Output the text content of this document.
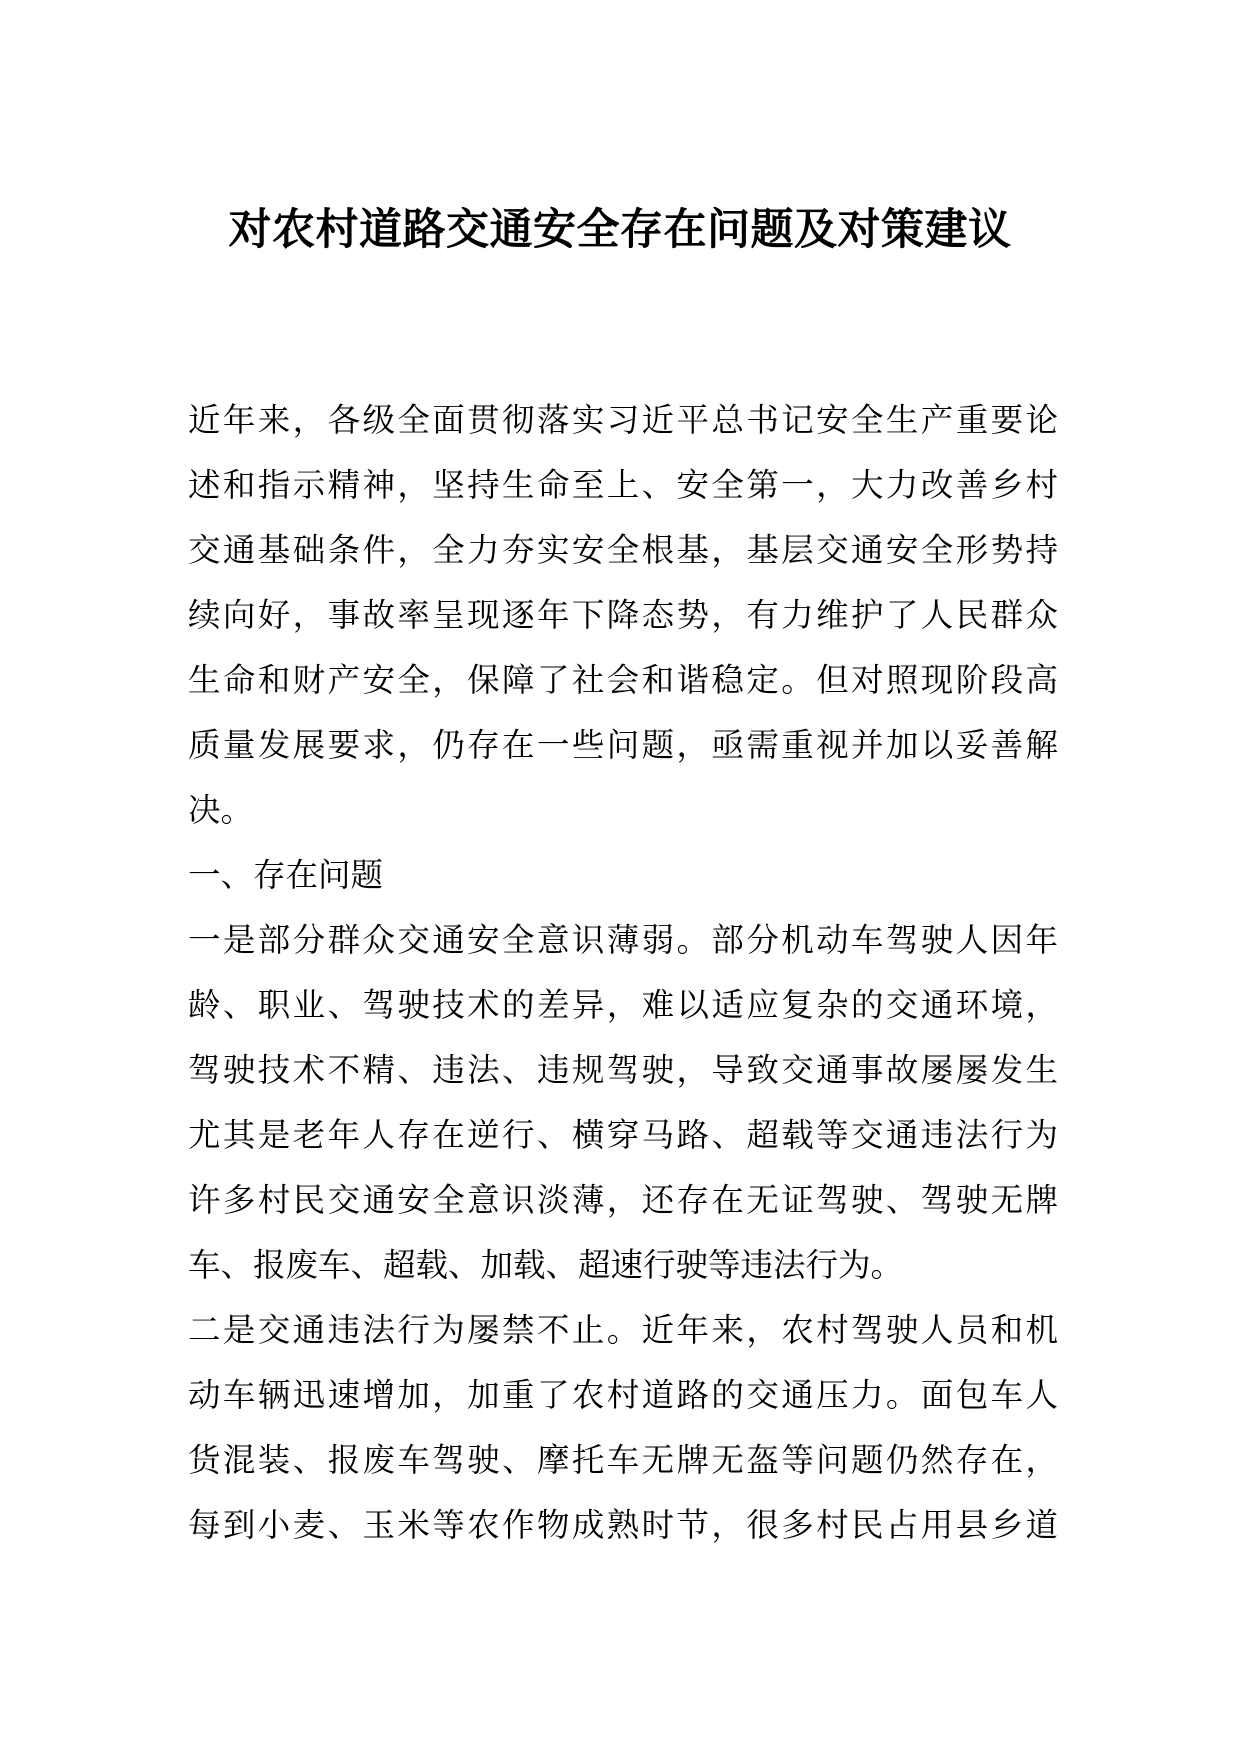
对农村道路交通安全存在问题及对策建议
近年来，各级全面贯彻落实习近平总书记安全生产重要论
述和指示精神，坚持生命至上、安全第一，大力改善乡村
交通基础条件，全力夯实安全根基，基层交通安全形势持
续向好，事故率呈现逐年下降态势，有力维护了人民群众
生命和财产安全，保障了社会和谐稳定。但对照现阶段高
质量发展要求，仍存在一些问题，亟需重视并加以妥善解
决。
一、存在问题
一是部分群众交通安全意识薄弱。部分机动车驾驶人因年
龄、职业、驾驶技术的差异，难以适应复杂的交通环境，
驾驶技术不精、违法、违规驾驶，导致交通事故屡屡发生
尤其是老年人存在逆行、横穿马路、超载等交通违法行为
许多村民交通安全意识淡薄，还存在无证驾驶、驾驶无牌
车、报废车、超载、加载、超速行驶等违法行为。
二是交通违法行为屡禁不止。近年来，农村驾驶人员和机
动车辆迅速增加，加重了农村道路的交通压力。面包车人
货混装、报废车驾驶、摩托车无牌无盔等问题仍然存在，
每到小麦、玉米等农作物成熟时节，很多村民占用县乡道
